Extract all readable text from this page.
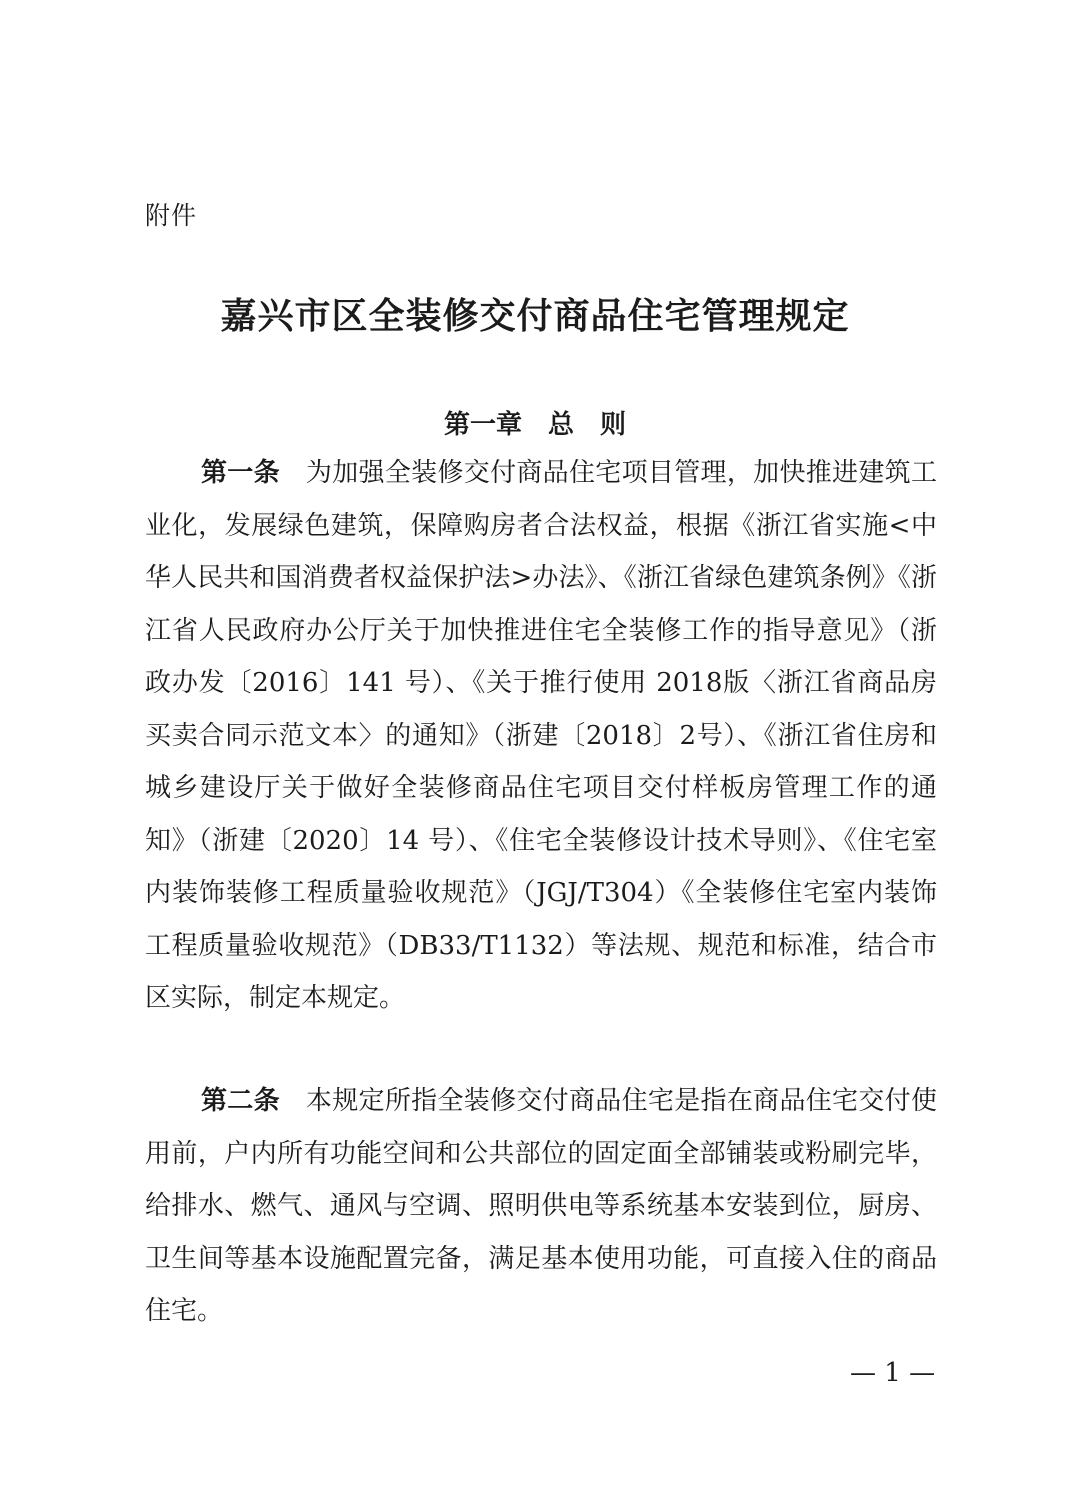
附件
嘉兴市区全装修交付商品住宅管理规定
第一章　总　则
第一条 为加强全装修交付商品住宅项目管理，加快推进建筑工业化，发展绿色建筑，保障购房者合法权益，根据《浙江省实施<中华人民共和国消费者权益保护法>办法》、《浙江省绿色建筑条例》《浙江省人民政府办公厅关于加快推进住宅全装修工作的指导意见》（浙政办发〔2016〕141 号）、《关于推行使用 2018版〈浙江省商品房买卖合同示范文本〉的通知》（浙建〔2018〕2号）、《浙江省住房和城乡建设厅关于做好全装修商品住宅项目交付样板房管理工作的通知》（浙建〔2020〕14 号）、《住宅全装修设计技术导则》、《住宅室内装饰装修工程质量验收规范》（JGJ/T304）《全装修住宅室内装饰工程质量验收规范》（DB33/T1132）等法规、规范和标准，结合市区实际，制定本规定。
第二条 本规定所指全装修交付商品住宅是指在商品住宅交付使用前，户内所有功能空间和公共部位的固定面全部铺装或粉刷完毕，给排水、燃气、通风与空调、照明供电等系统基本安装到位，厨房、卫生间等基本设施配置完备，满足基本使用功能，可直接入住的商品住宅。
— 1 —
